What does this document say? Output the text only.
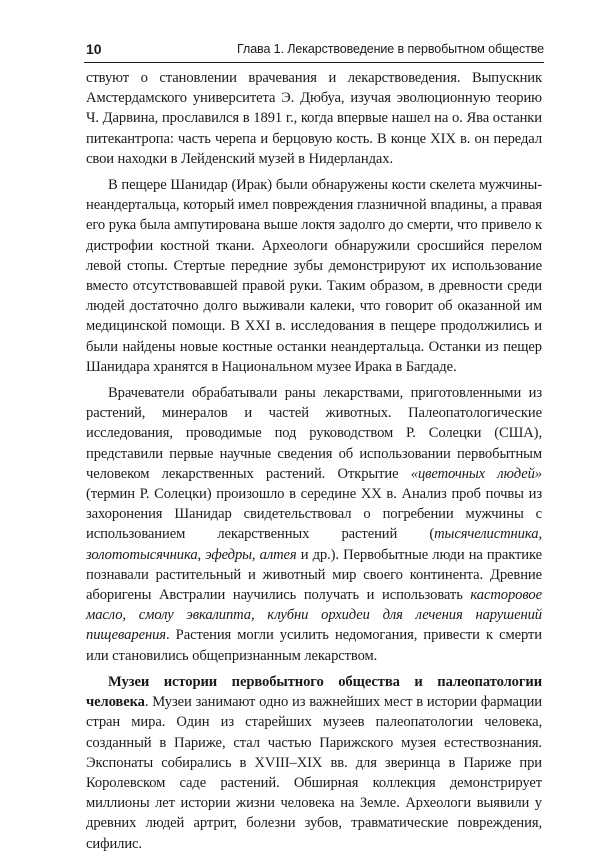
10	Глава 1. Лекарствоведение в первобытном обществе

ствуют о становлении врачевания и лекарствоведения. Выпускник Амстердамского университета Э. Дюбуа, изучая эволюционную теорию Ч. Дарвина, прославился в 1891 г., когда впервые нашел на о. Ява останки питекантропа: часть черепа и берцовую кость. В конце XIX в. он передал свои находки в Лейденский музей в Нидерландах.

В пещере Шанидар (Ирак) были обнаружены кости скелета мужчины-неандертальца, который имел повреждения глазничной впадины, а правая его рука была ампутирована выше локтя задолго до смерти, что привело к дистрофии костной ткани. Археологи обнаружили сросшийся перелом левой стопы. Стертые передние зубы демонстрируют их использование вместо отсутствовавшей правой руки. Таким образом, в древности среди людей достаточно долго выживали калеки, что говорит об оказанной им медицинской помощи. В XXI в. исследования в пещере продолжились и были найдены новые костные останки неандертальца. Останки из пещер Шанидара хранятся в Национальном музее Ирака в Багдаде.

Врачеватели обрабатывали раны лекарствами, приготовленными из растений, минералов и частей животных. Палеопатологические исследования, проводимые под руководством Р. Солецки (США), представили первые научные сведения об использовании первобытным человеком лекарственных растений. Открытие «цветочных людей» (термин Р. Солецки) произошло в середине XX в. Анализ проб почвы из захоронения Шанидар свидетельствовал о погребении мужчины с использованием лекарственных растений (тысячелистника, золототысячника, эфедры, алтея и др.). Первобытные люди на практике познавали растительный и животный мир своего континента. Древние аборигены Австралии научились получать и использовать касторовое масло, смолу эвкалипта, клубни орхидеи для лечения нарушений пищеварения. Растения могли усилить недомогания, привести к смерти или становились общепризнанным лекарством.

Музеи истории первобытного общества и палеопатологии человека. Музеи занимают одно из важнейших мест в истории фармации стран мира. Один из старейших музеев палеопатологии человека, созданный в Париже, стал частью Парижского музея естествознания. Экспонаты собирались в XVIII–XIX вв. для зверинца в Париже при Королевском саде растений. Обширная коллекция демонстрирует миллионы лет истории жизни человека на Земле. Археологи выявили у древних людей артрит, болезни зубов, травматические повреждения, сифилис.
